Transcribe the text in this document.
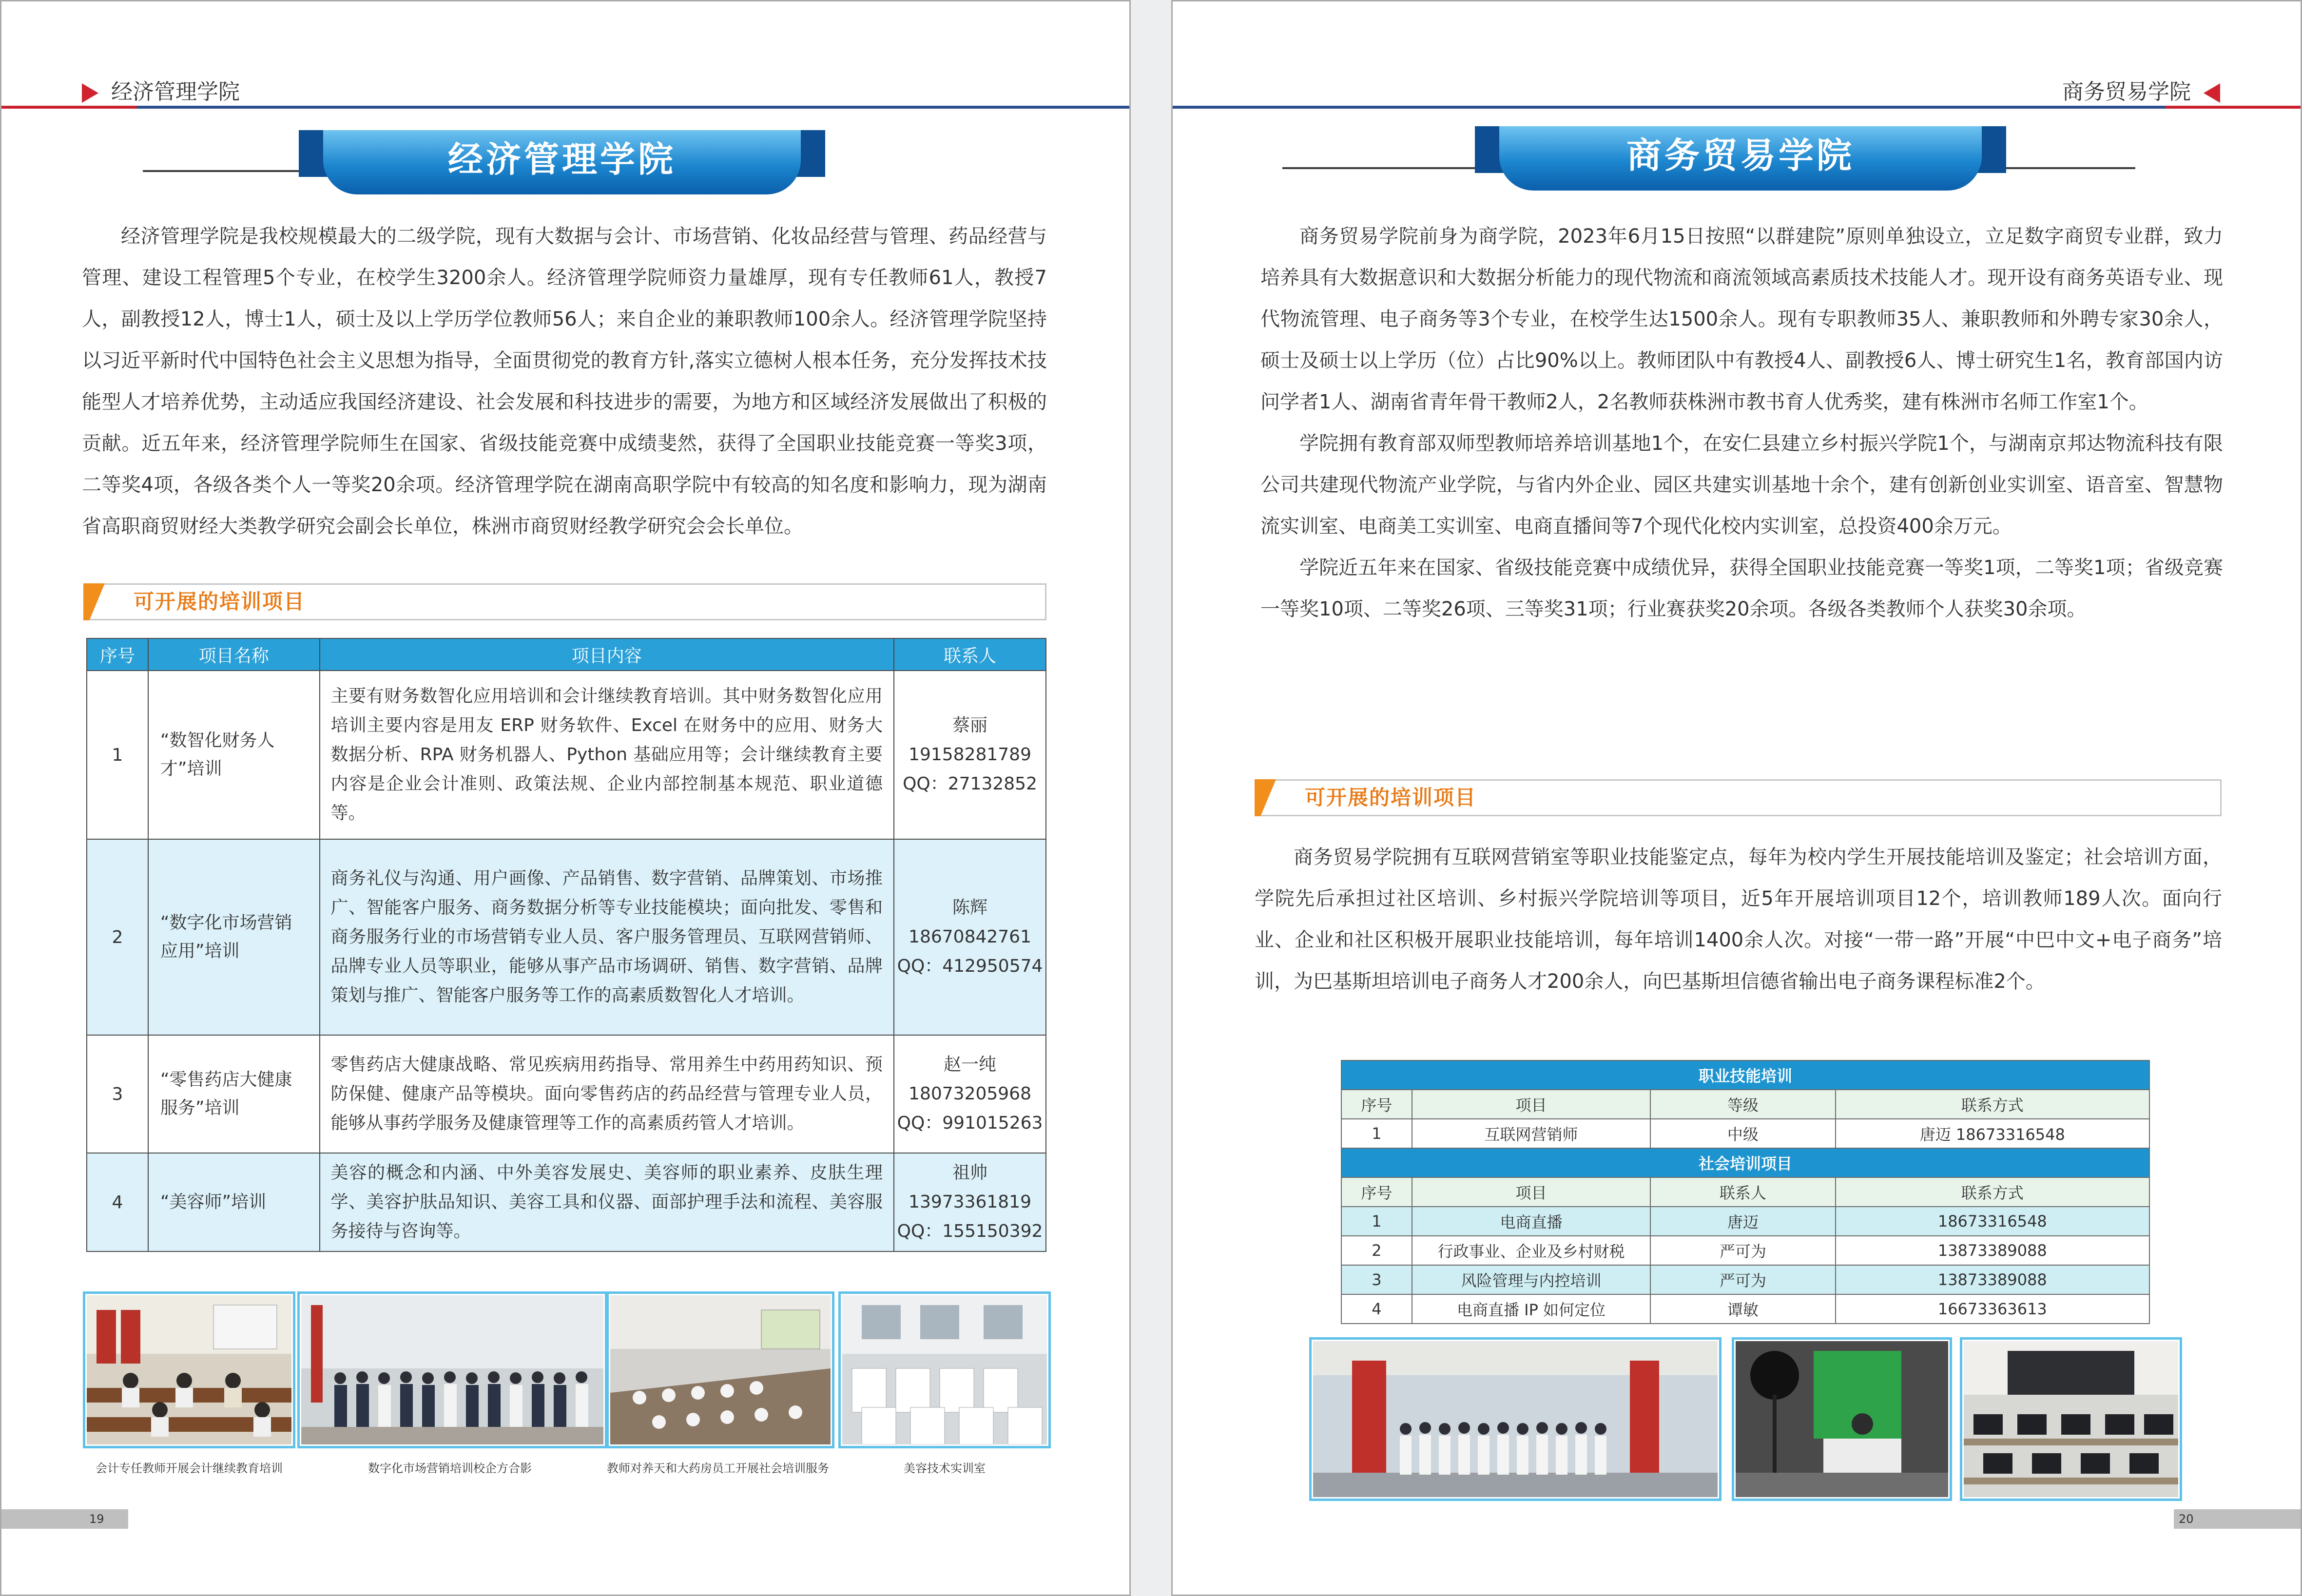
经济管理学院
经济管理学院

经济管理学院是我校规模最大的二级学院，现有大数据与会计、市场营销、化妆品经营与管理、药品经营与管理、建设工程管理5个专业，在校学生3200余人。经济管理学院师资力量雄厚，现有专任教师61人，教授7人，副教授12人，博士1人，硕士及以上学历学位教师56人；来自企业的兼职教师100余人。经济管理学院坚持以习近平新时代中国特色社会主义思想为指导，全面贯彻党的教育方针,落实立德树人根本任务，充分发挥技术技能型人才培养优势，主动适应我国经济建设、社会发展和科技进步的需要，为地方和区域经济发展做出了积极的贡献。近五年来，经济管理学院师生在国家、省级技能竞赛中成绩斐然，获得了全国职业技能竞赛一等奖3项，二等奖4项，各级各类个人一等奖20余项。经济管理学院在湖南高职学院中有较高的知名度和影响力，现为湖南省高职商贸财经大类教学研究会副会长单位，株洲市商贸财经教学研究会会长单位。

可开展的培训项目
序号	项目名称	项目内容	联系人
1	“数智化财务人才”培训	主要有财务数智化应用培训和会计继续教育培训。其中财务数智化应用培训主要内容是用友 ERP 财务软件、Excel 在财务中的应用、财务大数据分析、RPA 财务机器人、Python 基础应用等；会计继续教育主要内容是企业会计准则、政策法规、企业内部控制基本规范、职业道德等。	蔡丽
19158281789
QQ：27132852

2	“数字化市场营销应用”培训	商务礼仪与沟通、用户画像、产品销售、数字营销、品牌策划、市场推广、智能客户服务、商务数据分析等专业技能模块；面向批发、零售和商务服务行业的市场营销专业人员、客户服务管理员、互联网营销师、品牌专业人员等职业，能够从事产品市场调研、销售、数字营销、品牌策划与推广、智能客户服务等工作的高素质数智化人才培训。	陈辉
18670842761
QQ：412950574

3	“零售药店大健康服务”培训	零售药店大健康战略、常见疾病用药指导、常用养生中药用药知识、预防保健、健康产品等模块。面向零售药店的药品经营与管理专业人员，能够从事药学服务及健康管理等工作的高素质药管人才培训。	赵一纯
18073205968
QQ：991015263

4	“美容师”培训	美容的概念和内涵、中外美容发展史、美容师的职业素养、皮肤生理学、美容护肤品知识、美容工具和仪器、面部护理手法和流程、美容服务接待与咨询等。	祖帅
13973361819
QQ：155150392
会计专任教师开展会计继续教育培训	数字化市场营销培训校企方合影	教师对养天和大药房员工开展社会培训服务	美容技术实训室
19
商务贸易学院
商务贸易学院

商务贸易学院前身为商学院，2023年6月15日按照“以群建院”原则单独设立，立足数字商贸专业群，致力培养具有大数据意识和大数据分析能力的现代物流和商流领域高素质技术技能人才。现开设有商务英语专业、现代物流管理、电子商务等3个专业，在校学生达1500余人。现有专职教师35人、兼职教师和外聘专家30余人，硕士及硕士以上学历（位）占比90%以上。教师团队中有教授4人、副教授6人、博士研究生1名，教育部国内访问学者1人、湖南省青年骨干教师2人，2名教师获株洲市教书育人优秀奖，建有株洲市名师工作室1个。

学院拥有教育部双师型教师培养培训基地1个，在安仁县建立乡村振兴学院1个，与湖南京邦达物流科技有限公司共建现代物流产业学院，与省内外企业、园区共建实训基地十余个，建有创新创业实训室、语音室、智慧物流实训室、电商美工实训室、电商直播间等7个现代化校内实训室，总投资400余万元。

学院近五年来在国家、省级技能竞赛中成绩优异，获得全国职业技能竞赛一等奖1项，二等奖1项；省级竞赛一等奖10项、二等奖26项、三等奖31项；行业赛获奖20余项。各级各类教师个人获奖30余项。

可开展的培训项目

商务贸易学院拥有互联网营销室等职业技能鉴定点，每年为校内学生开展技能培训及鉴定；社会培训方面，学院先后承担过社区培训、乡村振兴学院培训等项目，近5年开展培训项目12个，培训教师189人次。面向行业、企业和社区积极开展职业技能培训，每年培训1400余人次。对接“一带一路”开展“中巴中文+电子商务”培训，为巴基斯坦培训电子商务人才200余人，向巴基斯坦信德省输出电子商务课程标准2个。

职业技能培训			
序号	项目	等级	联系方式
1	互联网营销师	中级	唐迈 18673316548
社会培训项目			
序号	项目	联系人	联系方式
1	电商直播	唐迈	18673316548
2	行政事业、企业及乡村财税	严可为	13873389088
3	风险管理与内控培训	严可为	13873389088
4	电商直播 IP 如何定位	谭敏	16673363613
20
